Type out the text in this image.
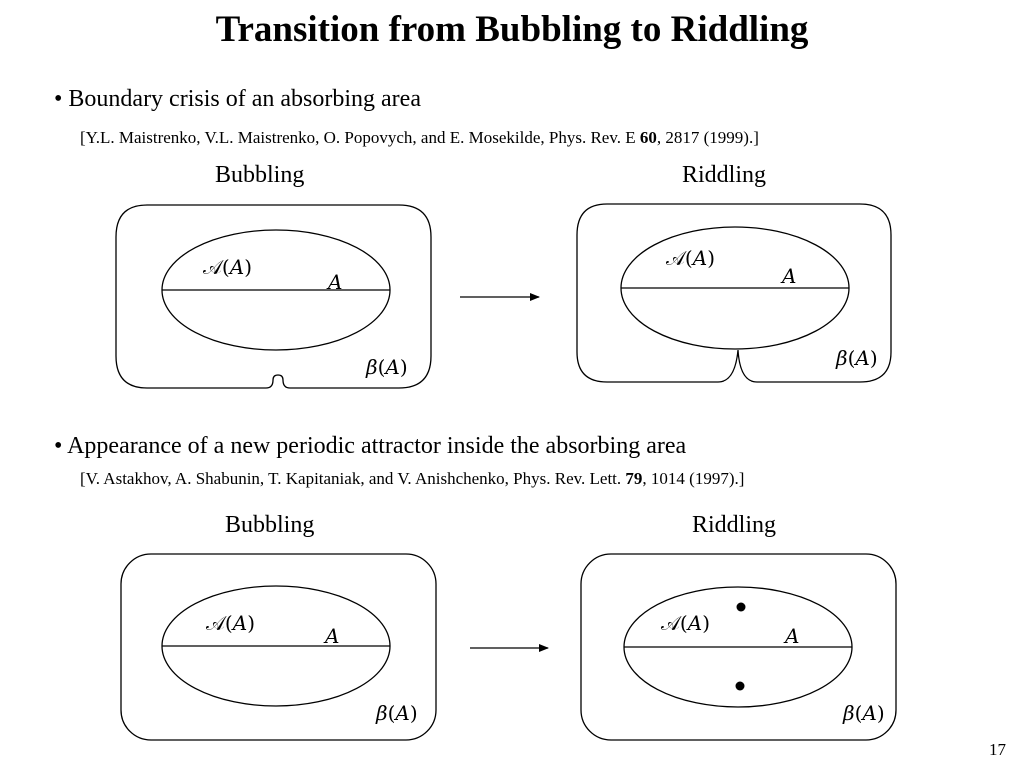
Transition from Bubbling to Riddling
• Boundary crisis of an absorbing area
[Y.L. Maistrenko, V.L. Maistrenko, O. Popovych, and E. Mosekilde, Phys. Rev. E 60, 2817 (1999).]
Bubbling	Riddling
• Appearance of a new periodic attractor inside the absorbing area
[V. Astakhov, A. Shabunin, T. Kapitaniak, and V. Anishchenko, Phys. Rev. Lett. 79, 1014 (1997).]
Bubbling	Riddling
𝒜(A)
A
β(A)
𝒜(A)
A
β(A)
𝒜(A)
A
β(A)
𝒜(A)
A
β(A)
17
